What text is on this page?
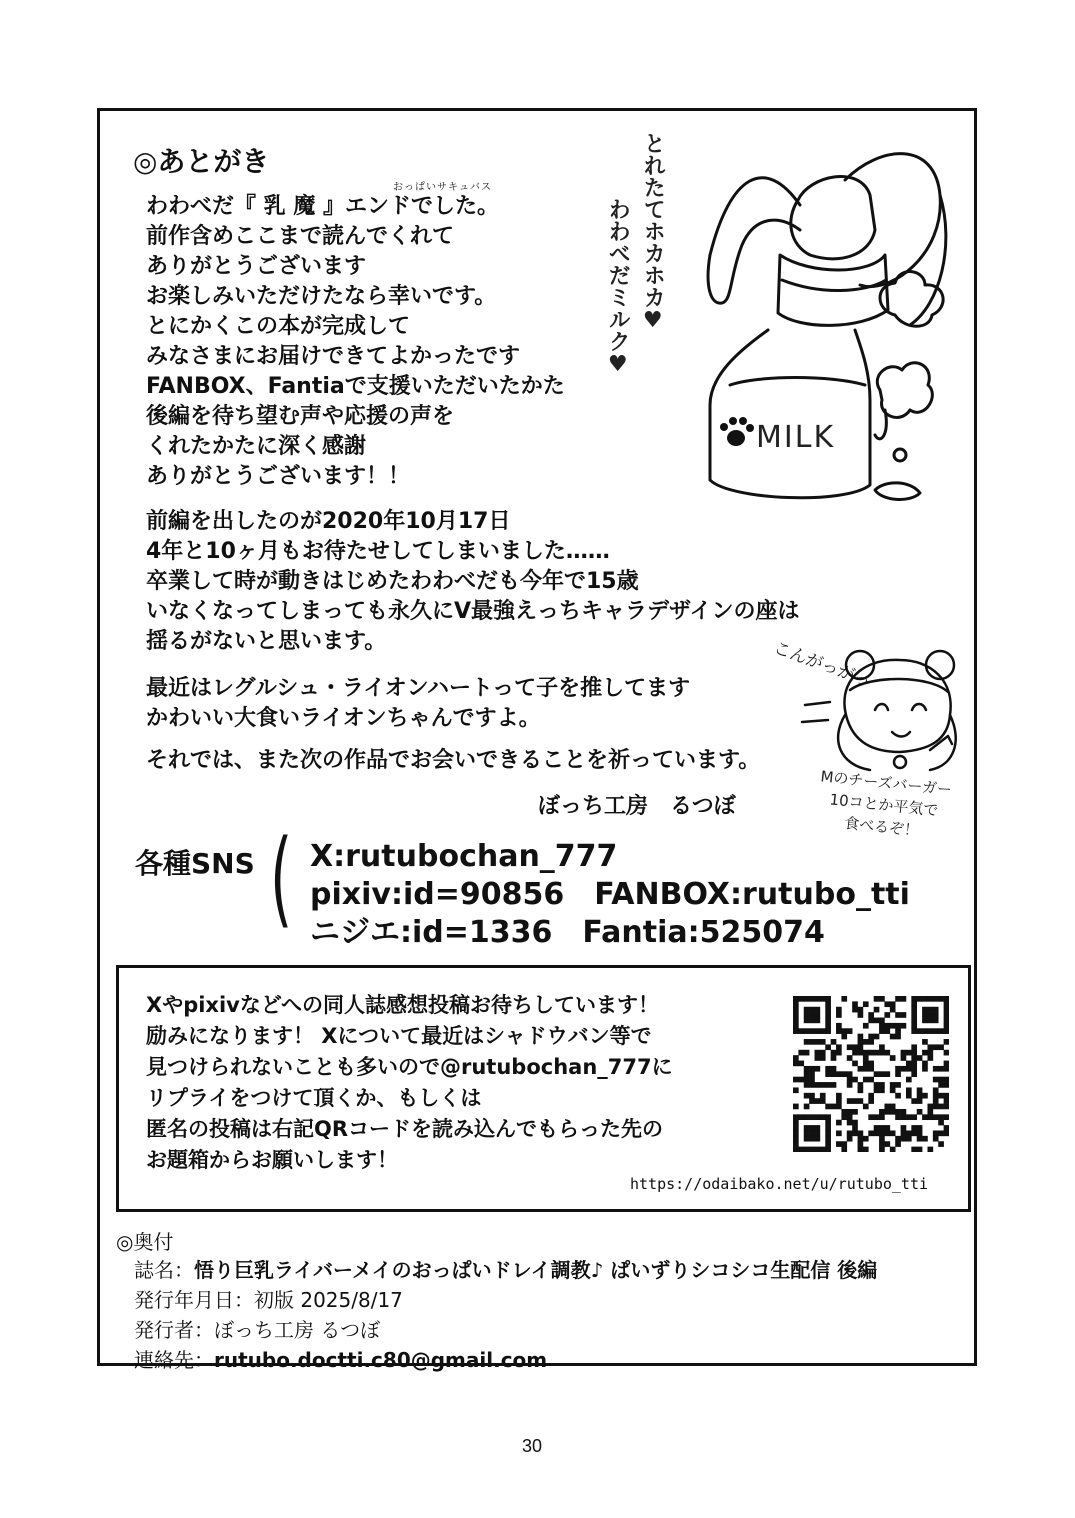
◎あとがき
おっぱいサキュバス
わわべだ『 乳 魔 』エンドでした。
前作含めここまで読んでくれて
ありがとうございます
お楽しみいただけたなら幸いです。
とにかくこの本が完成して
みなさまにお届けできてよかったです
FANBOX、Fantiaで支援いただいたかた
後編を待ち望む声や応援の声を
くれたかたに深く感謝
ありがとうございます！！
前編を出したのが2020年10月17日
4年と10ヶ月もお待たせしてしまいました……
卒業して時が動きはじめたわわべだも今年で15歳
いなくなってしまっても永久にV最強えっちキャラデザインの座は
揺るがないと思います。
最近はレグルシュ・ライオンハートって子を推してます
かわいい大食いライオンちゃんですよ。
それでは、また次の作品でお会いできることを祈っています。
ぼっち工房　るつぼ
とれたてホカホカ♥
わわべだミルク♥
MILK
こんがっがっ
Mのチーズバーガー
10コとか平気で
食べるぞ！
各種SNS ( X:rutubochan_777
pixiv:id=90856　FANBOX:rutubo_tti
ニジエ:id=1336　Fantia:525074
Xやpixivなどへの同人誌感想投稿お待ちしています！
励みになります！ Xについて最近はシャドウバン等で
見つけられないことも多いので@rutubochan_777に
リプライをつけて頂くか、もしくは
匿名の投稿は右記QRコードを読み込んでもらった先の
お題箱からお願いします！
https://odaibako.net/u/rutubo_tti
◎奥付
誌名：悟り巨乳ライバーメイのおっぱいドレイ調教♪ ぱいずりシコシコ生配信 後編
発行年月日：初版 2025/8/17
発行者：ぼっち工房 るつぼ
連絡先：rutubo.doctti.c80@gmail.com
30
